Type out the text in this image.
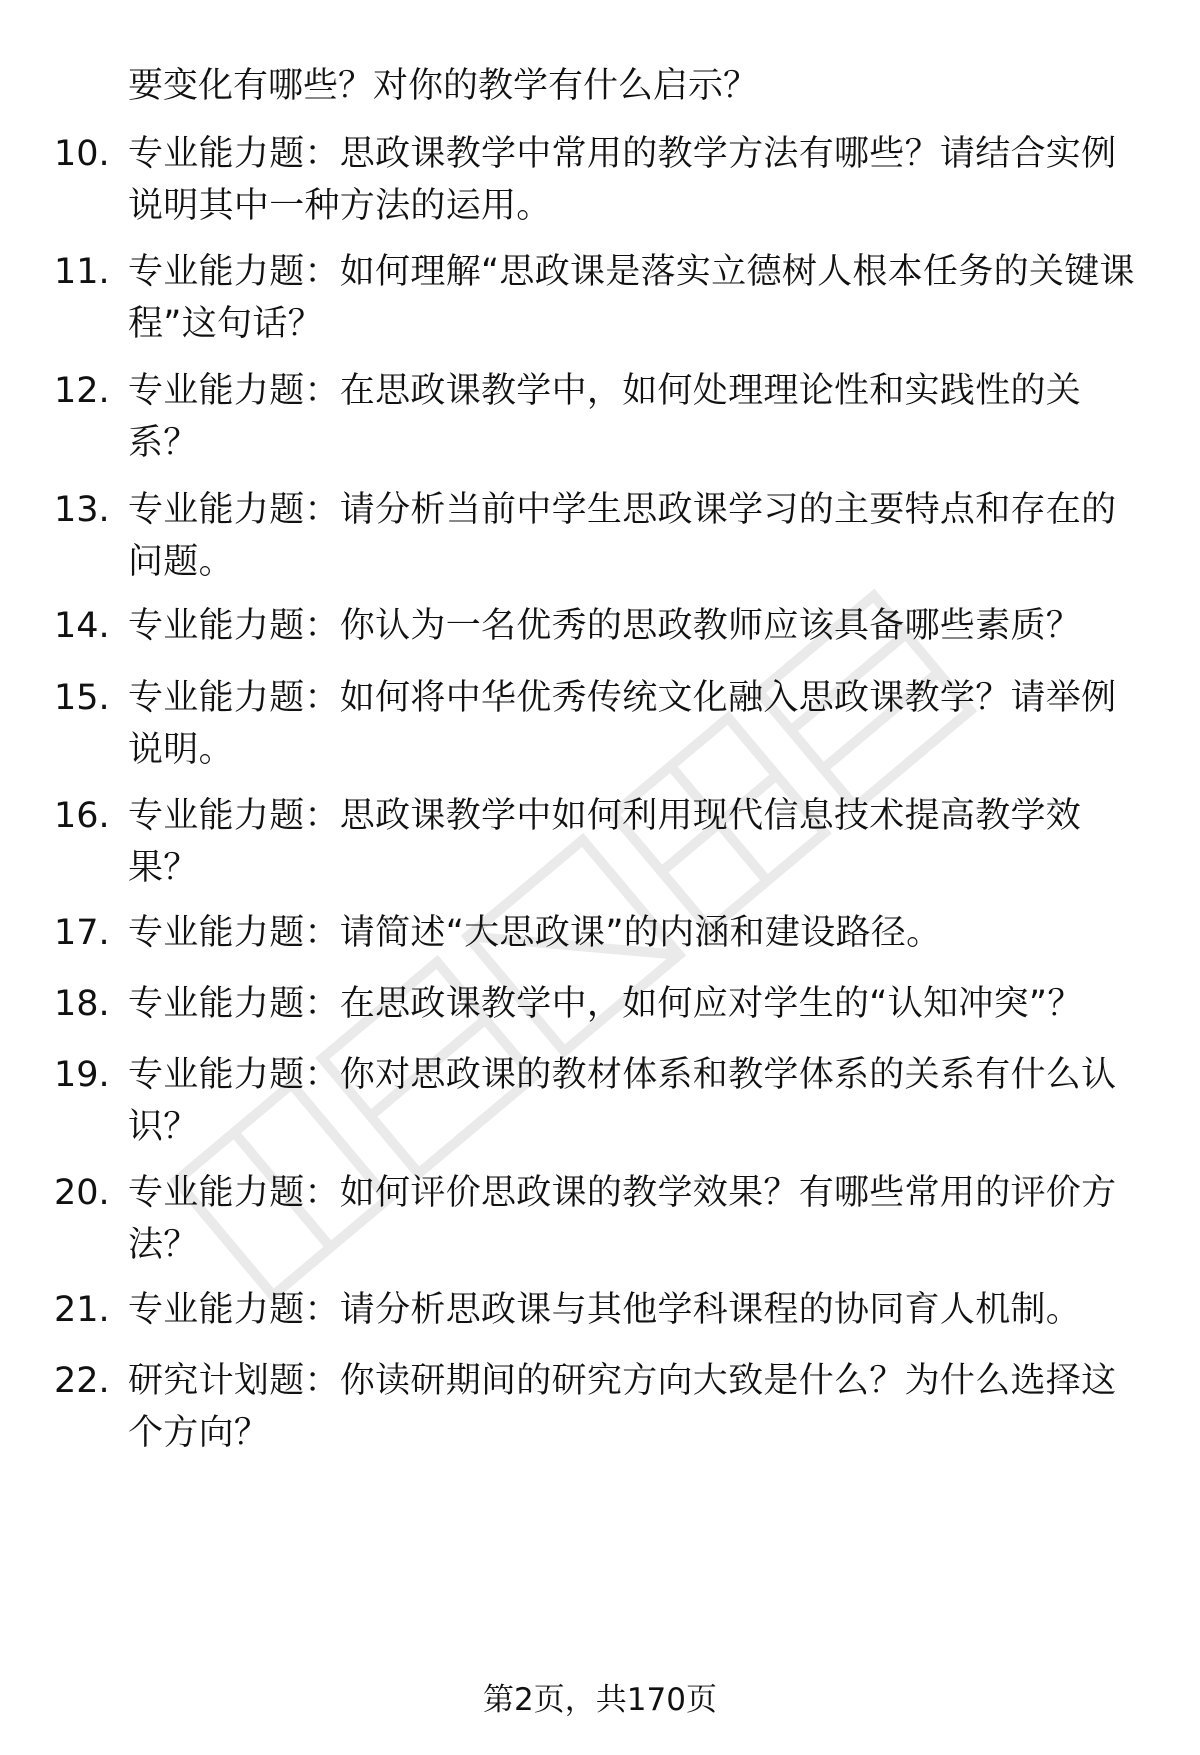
要变化有哪些？对你的教学有什么启示？
10. 专业能力题：思政课教学中常用的教学方法有哪些？请结合实例说明其中一种方法的运用。
11. 专业能力题：如何理解“思政课是落实立德树人根本任务的关键课程”这句话？
12. 专业能力题：在思政课教学中，如何处理理论性和实践性的关系？
13. 专业能力题：请分析当前中学生思政课学习的主要特点和存在的问题。
14. 专业能力题：你认为一名优秀的思政教师应该具备哪些素质？
15. 专业能力题：如何将中华优秀传统文化融入思政课教学？请举例说明。
16. 专业能力题：思政课教学中如何利用现代信息技术提高教学效果？
17. 专业能力题：请简述“大思政课”的内涵和建设路径。
18. 专业能力题：在思政课教学中，如何应对学生的“认知冲突”？
19. 专业能力题：你对思政课的教材体系和教学体系的关系有什么认识？
20. 专业能力题：如何评价思政课的教学效果？有哪些常用的评价方法？
21. 专业能力题：请分析思政课与其他学科课程的协同育人机制。
22. 研究计划题：你读研期间的研究方向大致是什么？为什么选择这个方向？
第2页，共170页
